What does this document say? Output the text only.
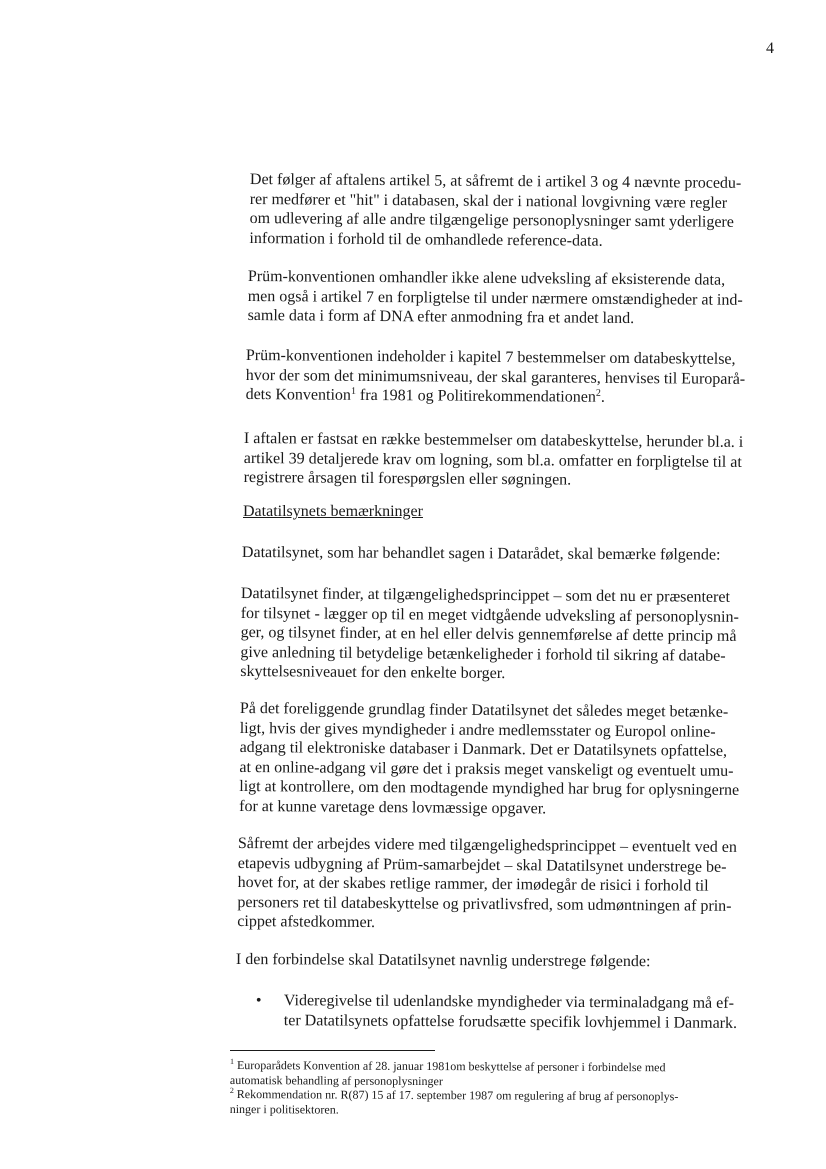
4
Det følger af aftalens artikel 5, at såfremt de i artikel 3 og 4 nævnte procedu-
rer medfører et "hit" i databasen, skal der i national lovgivning være regler
om udlevering af alle andre tilgængelige personoplysninger samt yderligere
information i forhold til de omhandlede reference-data.
Prüm-konventionen omhandler ikke alene udveksling af eksisterende data,
men også i artikel 7 en forpligtelse til under nærmere omstændigheder at ind-
samle data i form af DNA efter anmodning fra et andet land.
Prüm-konventionen indeholder i kapitel 7 bestemmelser om databeskyttelse,
hvor der som det minimumsniveau, der skal garanteres, henvises til Europarå-
dets Konvention$^1$ fra 1981 og Politirekommendationen$^2$.
I aftalen er fastsat en række bestemmelser om databeskyttelse, herunder bl.a. i
artikel 39 detaljerede krav om logning, som bl.a. omfatter en forpligtelse til at
registrere årsagen til forespørgslen eller søgningen.
Datatilsynets bemærkninger
Datatilsynet, som har behandlet sagen i Datarådet, skal bemærke følgende:
Datatilsynet finder, at tilgængelighedsprincippet – som det nu er præsenteret
for tilsynet - lægger op til en meget vidtgående udveksling af personoplysnin-
ger, og tilsynet finder, at en hel eller delvis gennemførelse af dette princip må
give anledning til betydelige betænkeligheder i forhold til sikring af databe-
skyttelsesniveauet for den enkelte borger.
På det foreliggende grundlag finder Datatilsynet det således meget betænke-
ligt, hvis der gives myndigheder i andre medlemsstater og Europol online-
adgang til elektroniske databaser i Danmark. Det er Datatilsynets opfattelse,
at en online-adgang vil gøre det i praksis meget vanskeligt og eventuelt umu-
ligt at kontrollere, om den modtagende myndighed har brug for oplysningerne
for at kunne varetage dens lovmæssige opgaver.
Såfremt der arbejdes videre med tilgængelighedsprincippet – eventuelt ved en
etapevis udbygning af Prüm-samarbejdet – skal Datatilsynet understrege be-
hovet for, at der skabes retlige rammer, der imødegår de risici i forhold til
personers ret til databeskyttelse og privatlivsfred, som udmøntningen af prin-
cippet afstedkommer.
I den forbindelse skal Datatilsynet navnlig understrege følgende:
• Videregivelse til udenlandske myndigheder via terminaladgang må ef-
ter Datatilsynets opfattelse forudsætte specifik lovhjemmel i Danmark.
$^1$ Europarådets Konvention af 28. januar 1981om beskyttelse af personer i forbindelse med
automatisk behandling af personoplysninger
$^2$ Rekommendation nr. R(87) 15 af 17. september 1987 om regulering af brug af personoplys-
ninger i politisektoren.
